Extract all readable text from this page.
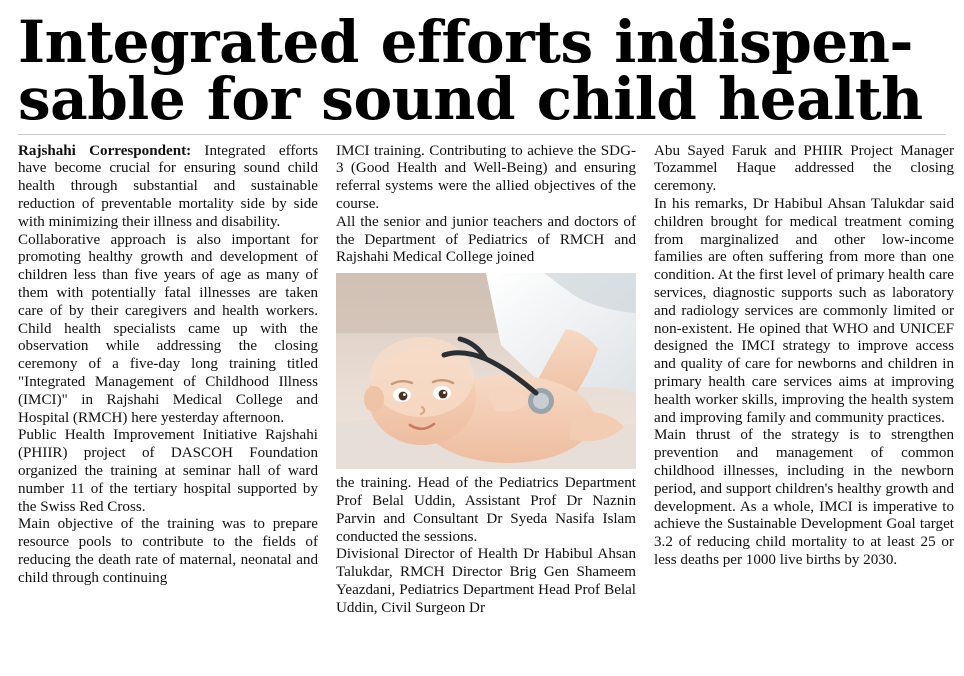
Integrated efforts indispen-
sable for sound child health

Rajshahi Correspondent: Integrated efforts have become crucial for ensuring sound child health through substantial and sustainable reduction of preventable mortality side by side with minimizing their illness and disability.

Collaborative approach is also important for promoting healthy growth and development of children less than five years of age as many of them with potentially fatal illnesses are taken care of by their caregivers and health workers. Child health specialists came up with the observation while addressing the closing ceremony of a five-day long training titled "Integrated Management of Childhood Illness (IMCI)" in Rajshahi Medical College and Hospital (RMCH) here yesterday afternoon.

Public Health Improvement Initiative Rajshahi (PHIIR) project of DASCOH Foundation organized the training at seminar hall of ward number 11 of the tertiary hospital supported by the Swiss Red Cross.

Main objective of the training was to prepare resource pools to contribute to the fields of reducing the death rate of maternal, neonatal and child through continuing

IMCI training. Contributing to achieve the SDG-3 (Good Health and Well-Being) and ensuring referral systems were the allied objectives of the course.

All the senior and junior teachers and doctors of the Department of Pediatrics of RMCH and Rajshahi Medical College joined

the training. Head of the Pediatrics Department Prof Belal Uddin, Assistant Prof Dr Naznin Parvin and Consultant Dr Syeda Nasifa Islam conducted the sessions.

Divisional Director of Health Dr Habibul Ahsan Talukdar, RMCH Director Brig Gen Shameem Yeazdani, Pediatrics Department Head Prof Belal Uddin, Civil Surgeon Dr

Abu Sayed Faruk and PHIIR Project Manager Tozammel Haque addressed the closing ceremony.

In his remarks, Dr Habibul Ahsan Talukdar said children brought for medical treatment coming from marginalized and other low-income families are often suffering from more than one condition. At the first level of primary health care services, diagnostic supports such as laboratory and radiology services are commonly limited or non-existent. He opined that WHO and UNICEF designed the IMCI strategy to improve access and quality of care for newborns and children in primary health care services aims at improving health worker skills, improving the health system and improving family and community practices.

Main thrust of the strategy is to strengthen prevention and management of common childhood illnesses, including in the newborn period, and support children's healthy growth and development. As a whole, IMCI is imperative to achieve the Sustainable Development Goal target 3.2 of reducing child mortality to at least 25 or less deaths per 1000 live births by 2030.
